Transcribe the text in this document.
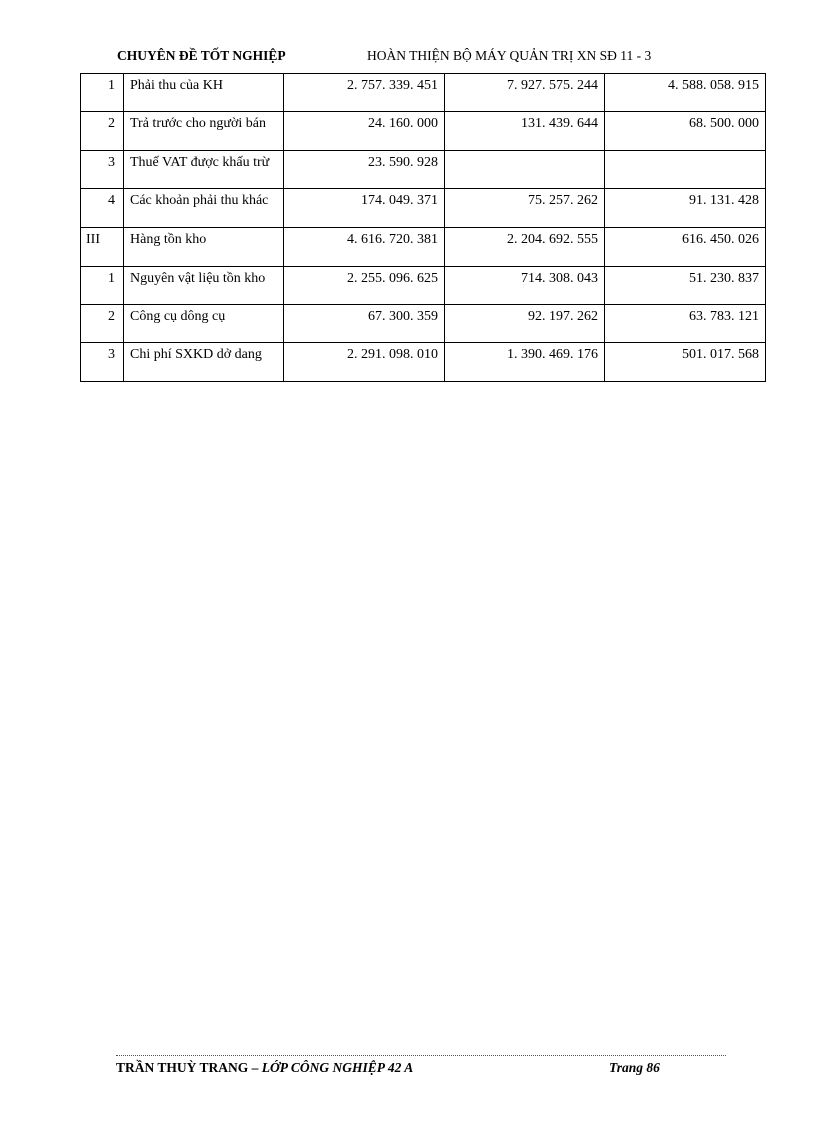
CHUYÊN ĐỀ TỐT NGHIỆP	HOÀN THIỆN BỘ MÁY QUẢN TRỊ XN SĐ 11 - 3
1	Phải thu của KH	2. 757. 339. 451	7. 927. 575. 244	4. 588. 058. 915
2	Trả trước cho người bán	24. 160. 000	131. 439. 644	68. 500. 000
3	Thuế VAT được khấu trừ	23. 590. 928		
4	Các khoản phải thu khác	174. 049. 371	75. 257. 262	91. 131. 428
III	Hàng tồn kho	4. 616. 720. 381	2. 204. 692. 555	616. 450. 026
1	Nguyên vật liệu tồn kho	2. 255. 096. 625	714. 308. 043	51. 230. 837
2	Công cụ dông cụ	67. 300. 359	92. 197. 262	63. 783. 121
3	Chi phí SXKD dở dang	2. 291. 098. 010	1. 390. 469. 176	501. 017. 568
TRẦN THUỲ TRANG – LỚP CÔNG NGHIỆP 42 A	Trang 86
